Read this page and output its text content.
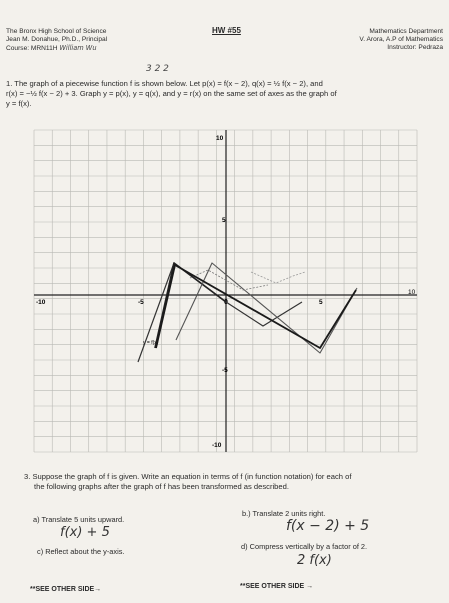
The Bronx High School of Science
Jean M. Donahue, Ph.D., Principal
Course: MRN11H William Wu
HW #55	Mathematics Department
V. Arora, A.P of Mathematics
Instructor: Pedraza
3 2 2
1. The graph of a piecewise function f is shown below. Let p(x) = f(x − 2), q(x) = ½ f(x − 2), and
r(x) = −½ f(x − 2) + 3. Graph y = p(x), y = q(x), and y = r(x) on the same set of axes as the graph of
y = f(x).
-10	-5	0	5
10
10
5
-5
-10
y = f(x)
3. Suppose the graph of f is given. Write an equation in terms of f (in function notation) for each of
the following graphs after the graph of f has been transformed as described.
a) Translate 5 units upward.
f(x) + 5
b.) Translate 2 units right.
f(x − 2) + 5
c) Reflect about the y-axis.
d) Compress vertically by a factor of 2.
2 f(x)
**SEE OTHER SIDE→	**SEE OTHER SIDE →
